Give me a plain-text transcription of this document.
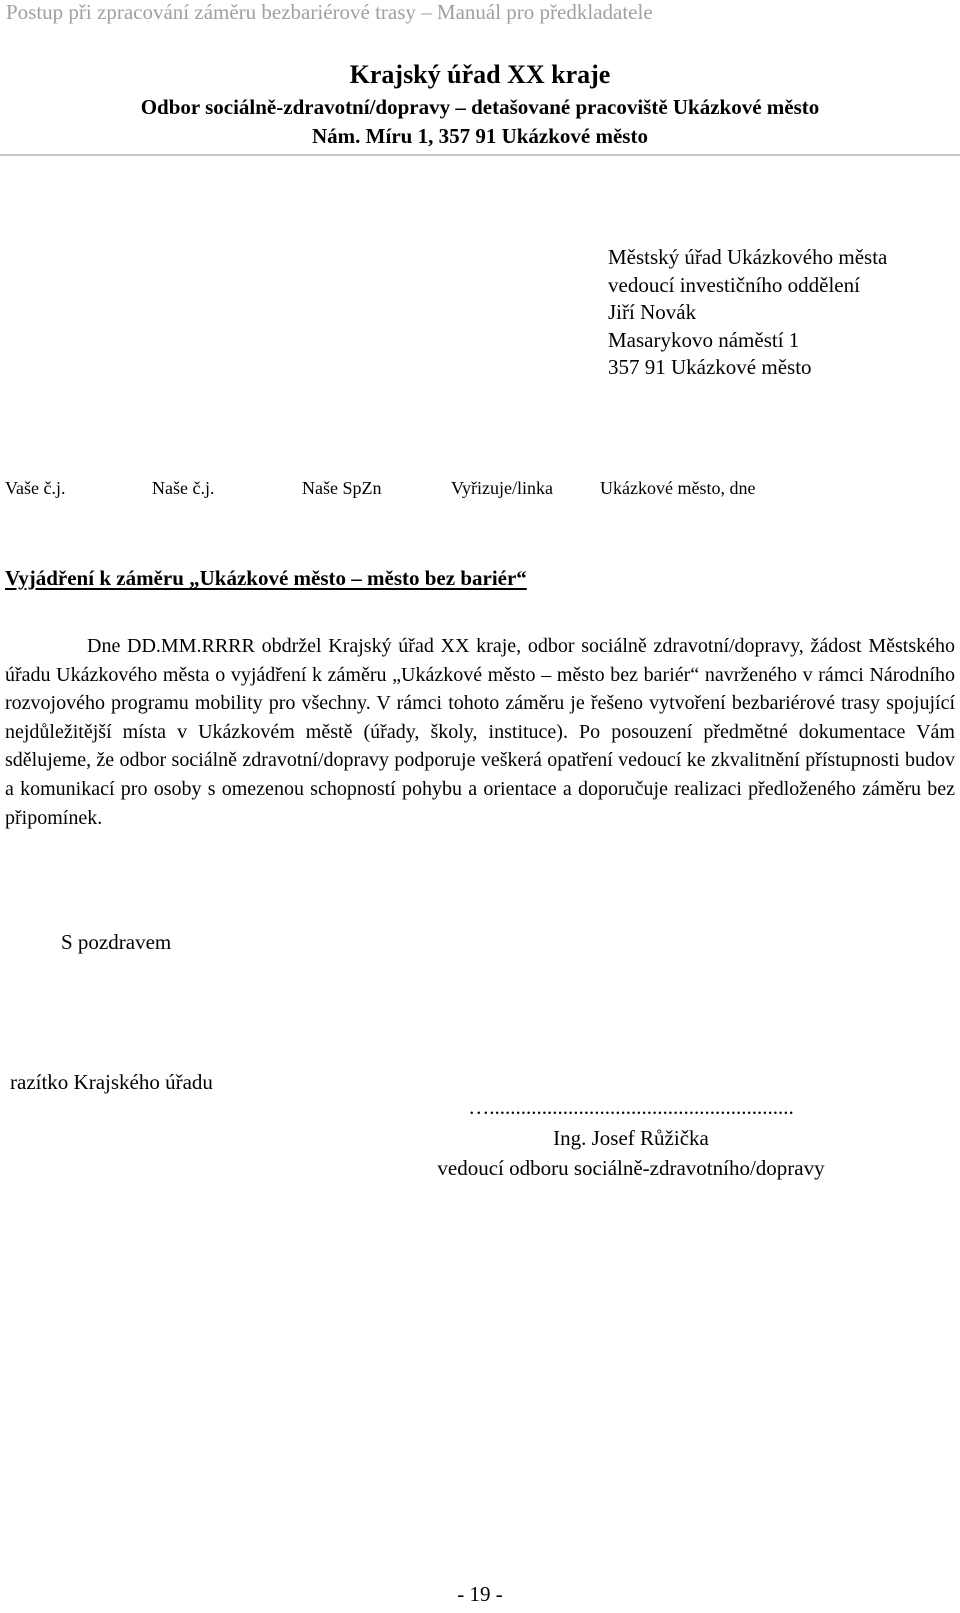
Postup při zpracování záměru bezbariérové trasy – Manuál pro předkladatele
Krajský úřad XX kraje
Odbor sociálně-zdravotní/dopravy – detašované pracoviště Ukázkové město
Nám. Míru 1, 357 91 Ukázkové město
Městský úřad Ukázkového města
vedoucí investičního oddělení
Jiří Novák
Masarykovo náměstí 1
357 91 Ukázkové město
Vaše č.j.	Naše č.j.	Naše SpZn	Vyřizuje/linka	Ukázkové město, dne
Vyjádření k záměru „Ukázkové město – město bez bariér“
Dne DD.MM.RRRR obdržel Krajský úřad XX kraje, odbor sociálně zdravotní/dopravy, žádost Městského úřadu Ukázkového města o vyjádření k záměru „Ukázkové město – město bez bariér“ navrženého v rámci Národního rozvojového programu mobility pro všechny. V rámci tohoto záměru je řešeno vytvoření bezbariérové trasy spojující nejdůležitější místa v Ukázkovém městě (úřady, školy, instituce). Po posouzení předmětné dokumentace Vám sdělujeme, že odbor sociálně zdravotní/dopravy podporuje veškerá opatření vedoucí ke zkvalitnění přístupnosti budov a komunikací pro osoby s omezenou schopností pohybu a orientace a doporučuje realizaci předloženého záměru bez připomínek.
S pozdravem
razítko Krajského úřadu
…..........................................................
Ing. Josef Růžička
vedoucí odboru sociálně-zdravotního/dopravy
- 19 -
